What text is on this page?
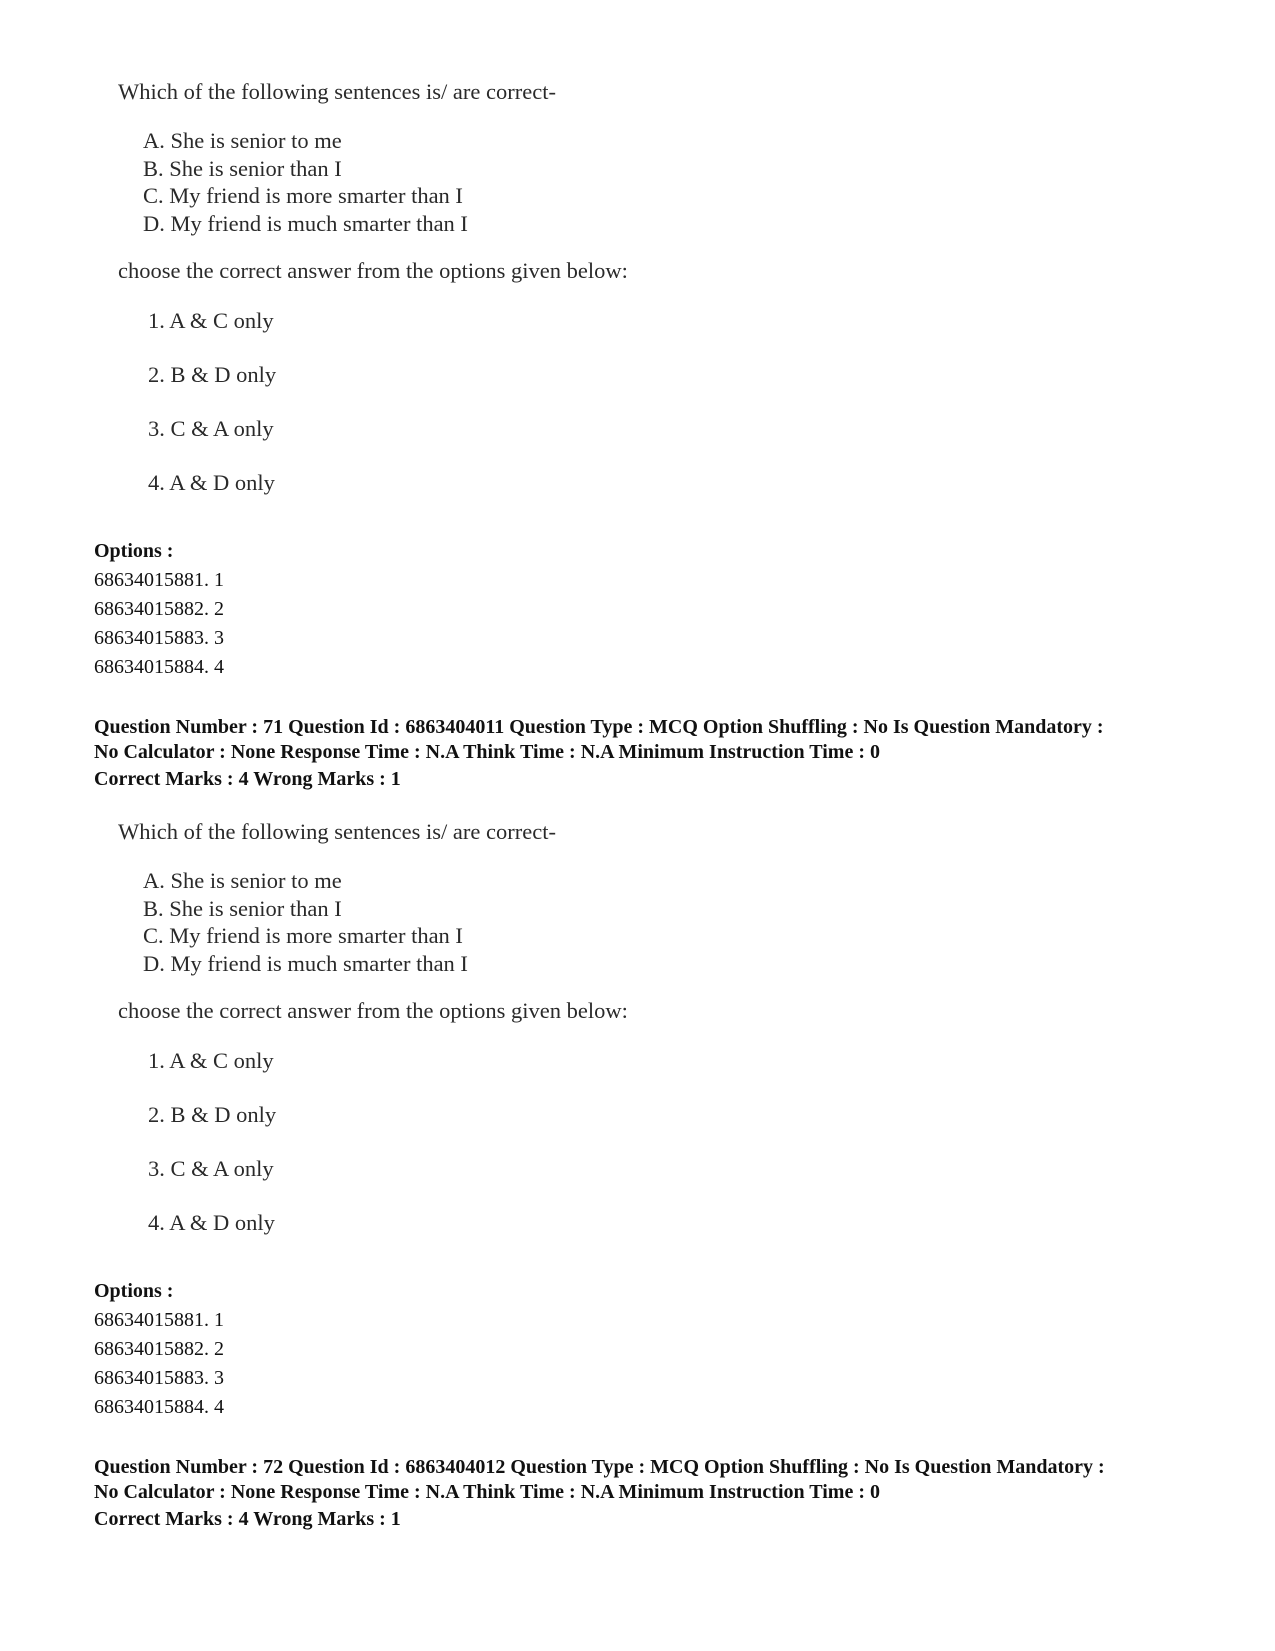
Which of the following sentences is/ are correct-

A. She is senior to me
B. She is senior than I
C. My friend is more smarter than I
D. My friend is much smarter than I
choose the correct answer from the options given below:
1. A & C only
2. B & D only
3. C & A only
4. A & D only
Options :
68634015881. 1
68634015882. 2
68634015883. 3
68634015884. 4
Question Number : 71 Question Id : 6863404011 Question Type : MCQ Option Shuffling : No Is Question Mandatory :
No Calculator : None Response Time : N.A Think Time : N.A Minimum Instruction Time : 0
Correct Marks : 4 Wrong Marks : 1

Which of the following sentences is/ are correct-

A. She is senior to me
B. She is senior than I
C. My friend is more smarter than I
D. My friend is much smarter than I
choose the correct answer from the options given below:
1. A & C only
2. B & D only
3. C & A only
4. A & D only
Options :
68634015881. 1
68634015882. 2
68634015883. 3
68634015884. 4
Question Number : 72 Question Id : 6863404012 Question Type : MCQ Option Shuffling : No Is Question Mandatory :
No Calculator : None Response Time : N.A Think Time : N.A Minimum Instruction Time : 0
Correct Marks : 4 Wrong Marks : 1
